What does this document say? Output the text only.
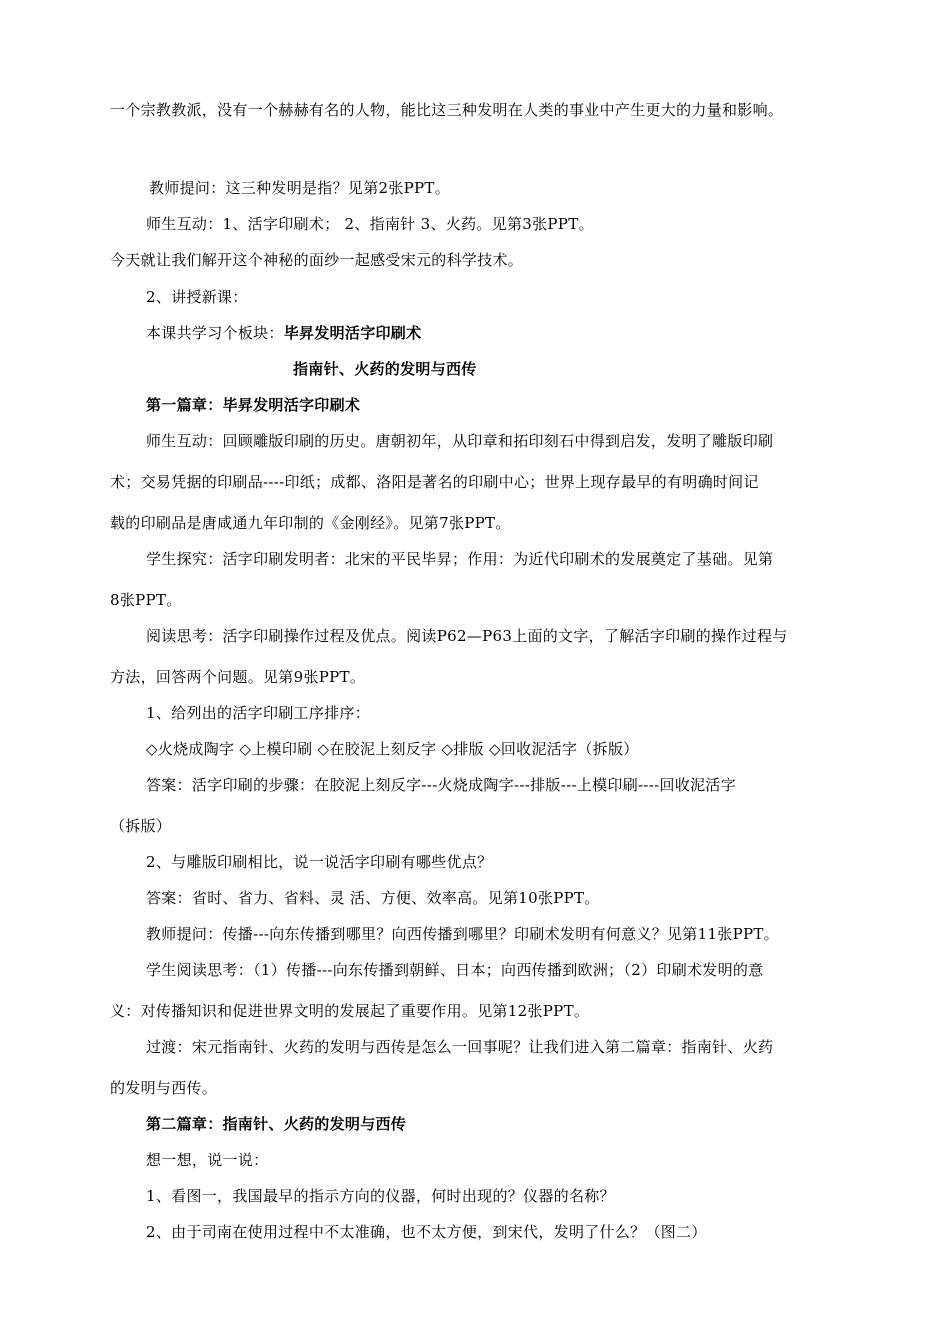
一个宗教教派，没有一个赫赫有名的人物，能比这三种发明在人类的事业中产生更大的力量和影响。
教师提问：这三种发明是指？见第2张PPT。
师生互动：1、活字印刷术； 2、指南针 3、火药。见第3张PPT。
今天就让我们解开这个神秘的面纱一起感受宋元的科学技术。
2、讲授新课：
本课共学习个板块：毕昇发明活字印刷术
指南针、火药的发明与西传
第一篇章：毕昇发明活字印刷术
师生互动：回顾雕版印刷的历史。唐朝初年，从印章和拓印刻石中得到启发，发明了雕版印刷
术；交易凭据的印刷品----印纸；成都、洛阳是著名的印刷中心；世界上现存最早的有明确时间记
载的印刷品是唐咸通九年印制的《金刚经》。见第7张PPT。
学生探究：活字印刷发明者：北宋的平民毕昇；作用：为近代印刷术的发展奠定了基础。见第
8张PPT。
阅读思考：活字印刷操作过程及优点。阅读P62—P63上面的文字，了解活字印刷的操作过程与
方法，回答两个问题。见第9张PPT。
1、给列出的活字印刷工序排序：
◇火烧成陶字 ◇上模印刷 ◇在胶泥上刻反字 ◇排版 ◇回收泥活字（拆版）
答案：活字印刷的步骤：在胶泥上刻反字---火烧成陶字---排版---上模印刷----回收泥活字
（拆版）
2、与雕版印刷相比，说一说活字印刷有哪些优点？
答案：省时、省力、省料、灵 活、方便、效率高。见第10张PPT。
教师提问：传播---向东传播到哪里？向西传播到哪里？印刷术发明有何意义？见第11张PPT。
学生阅读思考：（1）传播---向东传播到朝鲜、日本；向西传播到欧洲；（2）印刷术发明的意
义：对传播知识和促进世界文明的发展起了重要作用。见第12张PPT。
过渡：宋元指南针、火药的发明与西传是怎么一回事呢？让我们进入第二篇章：指南针、火药
的发明与西传。
第二篇章：指南针、火药的发明与西传
想一想，说一说：
1、看图一，我国最早的指示方向的仪器，何时出现的？仪器的名称？
2、由于司南在使用过程中不太准确，也不太方便，到宋代，发明了什么？（图二）
